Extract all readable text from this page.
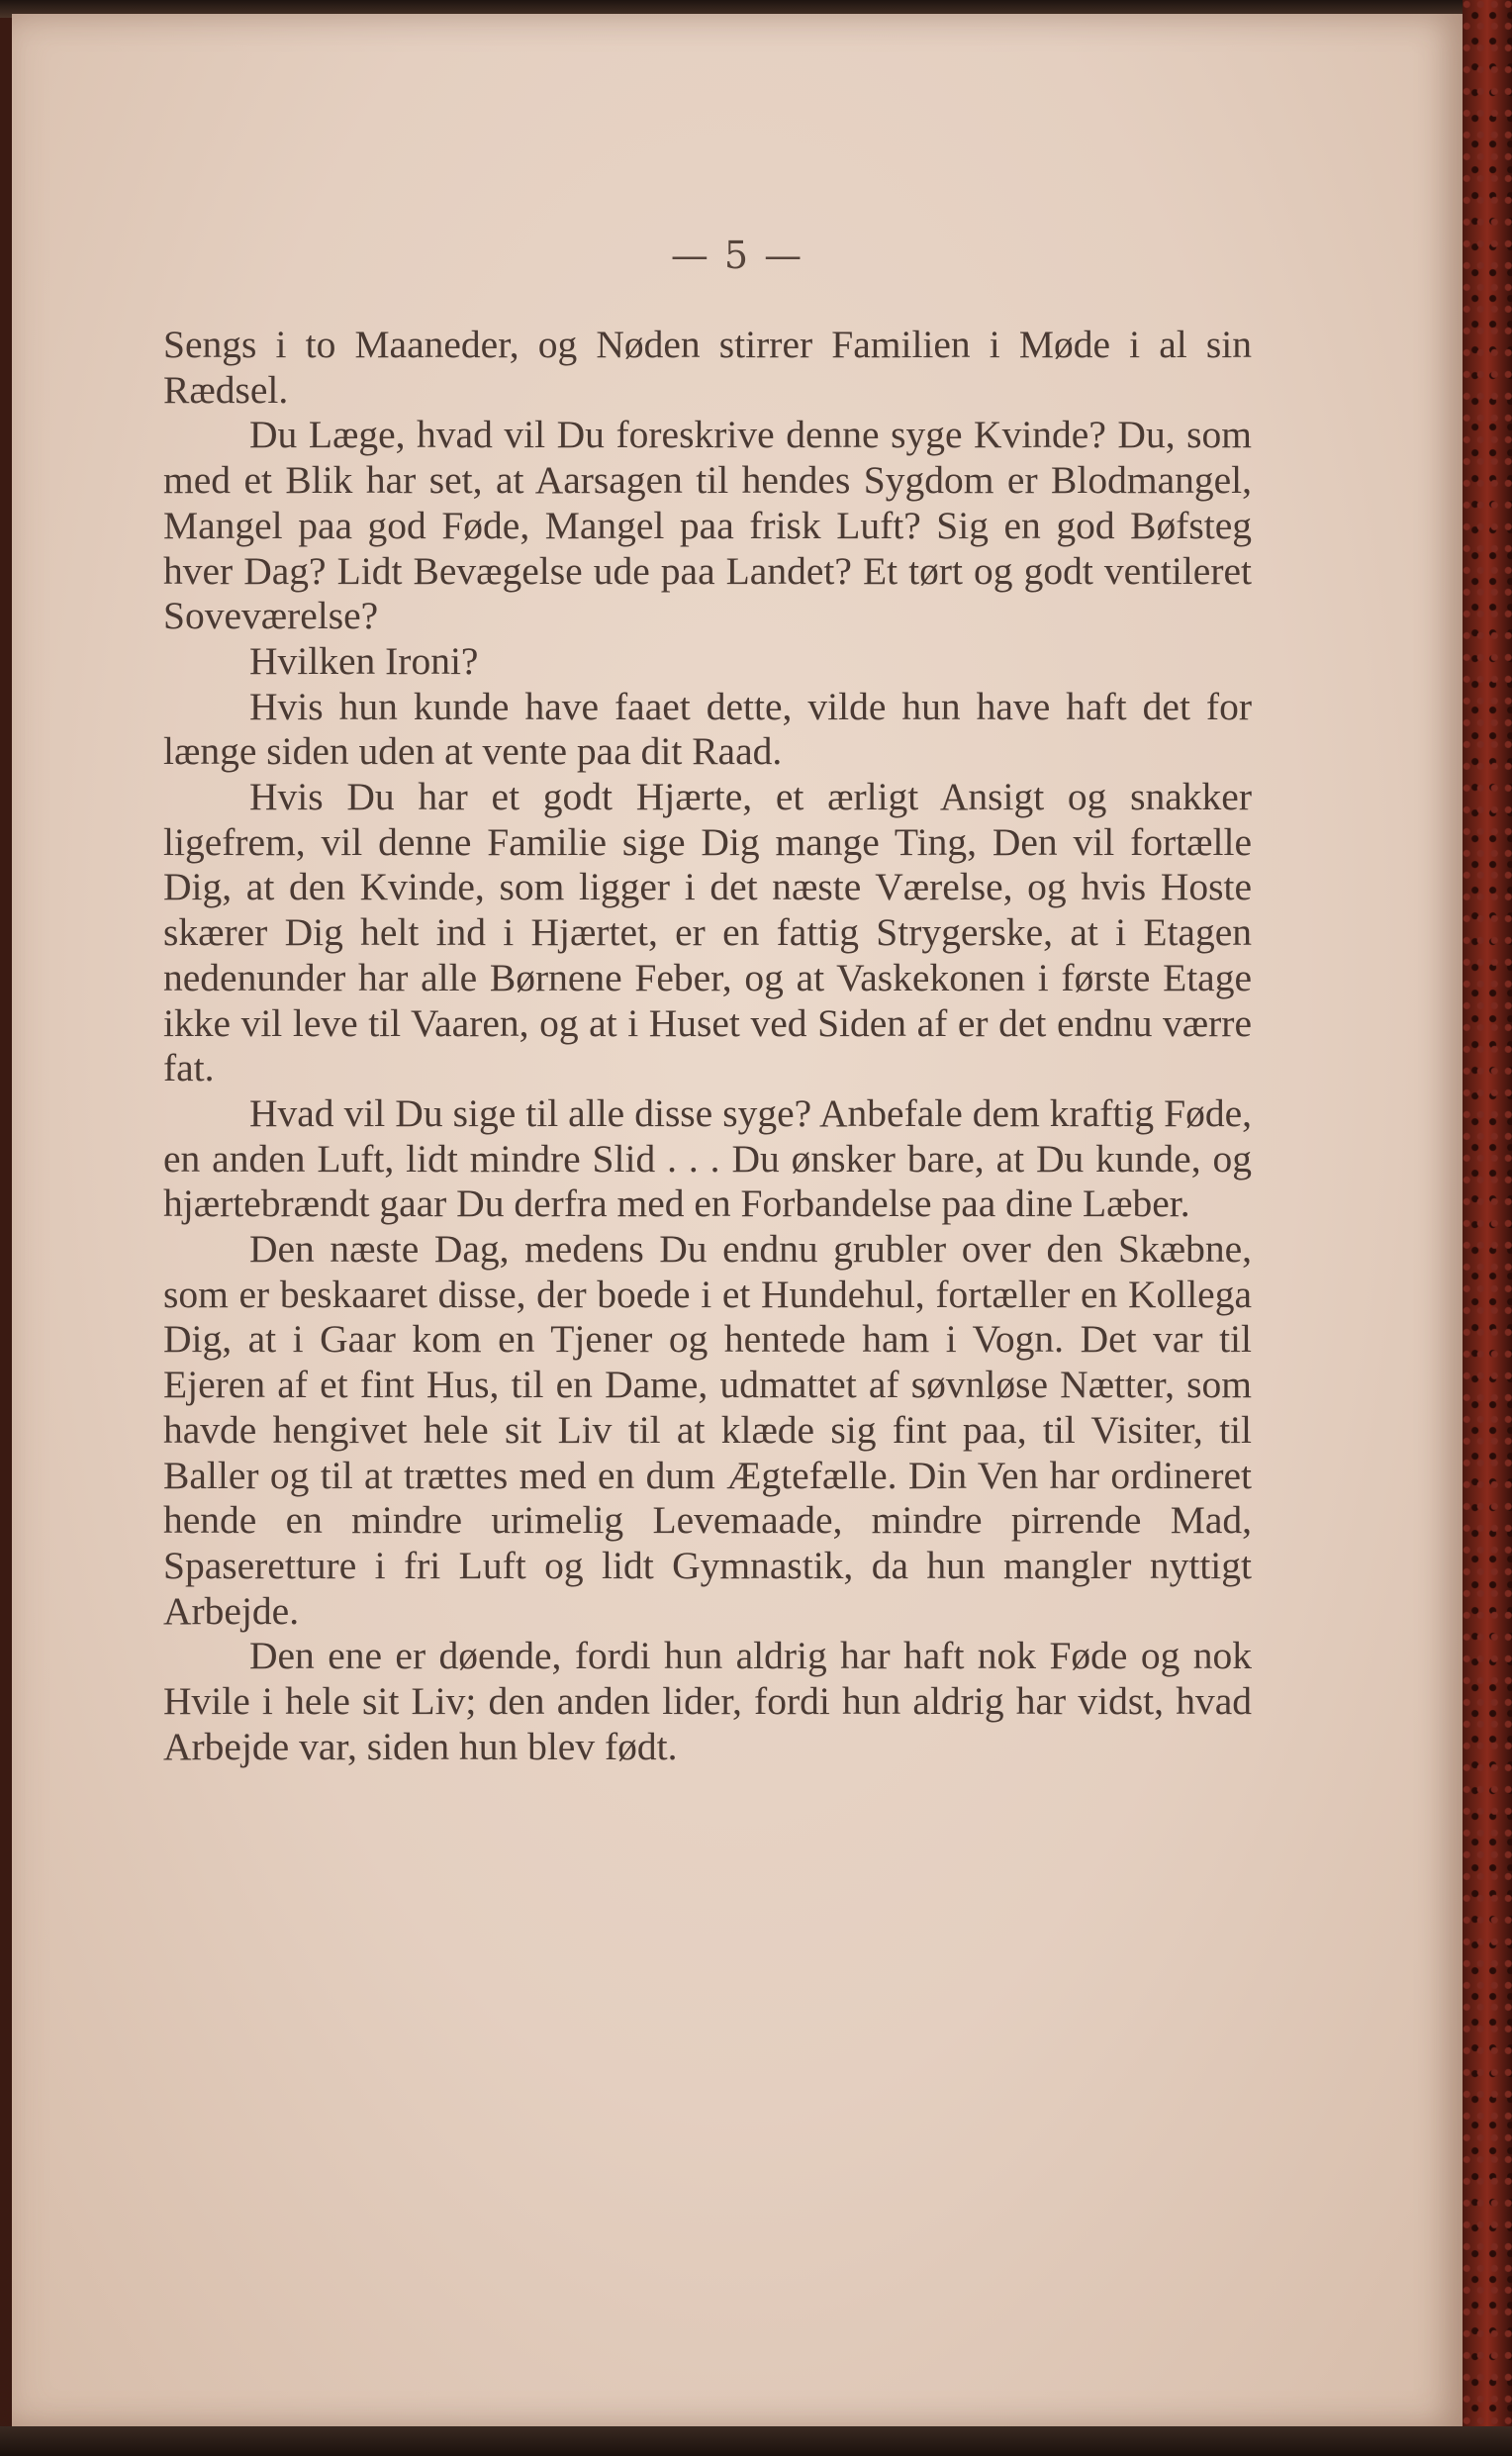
— 5 —

Sengs i to Maaneder, og Nøden stirrer Familien i Møde i al sin Rædsel.

Du Læge, hvad vil Du foreskrive denne syge Kvinde? Du, som med et Blik har set, at Aarsagen til hendes Sygdom er Blodmangel, Mangel paa god Føde, Mangel paa frisk Luft? Sig en god Bøfsteg hver Dag? Lidt Bevægelse ude paa Landet? Et tørt og godt ventileret Soveværelse?

Hvilken Ironi?

Hvis hun kunde have faaet dette, vilde hun have haft det for længe siden uden at vente paa dit Raad.

Hvis Du har et godt Hjærte, et ærligt Ansigt og snakker ligefrem, vil denne Familie sige Dig mange Ting, Den vil fortælle Dig, at den Kvinde, som ligger i det næste Værelse, og hvis Hoste skærer Dig helt ind i Hjærtet, er en fattig Strygerske, at i Etagen nedenunder har alle Børnene Feber, og at Vaskekonen i første Etage ikke vil leve til Vaaren, og at i Huset ved Siden af er det endnu værre fat.

Hvad vil Du sige til alle disse syge? Anbefale dem kraftig Føde, en anden Luft, lidt mindre Slid . . . Du ønsker bare, at Du kunde, og hjærtebrændt gaar Du derfra med en Forbandelse paa dine Læber.

Den næste Dag, medens Du endnu grubler over den Skæbne, som er beskaaret disse, der boede i et Hundehul, fortæller en Kollega Dig, at i Gaar kom en Tjener og hentede ham i Vogn. Det var til Ejeren af et fint Hus, til en Dame, udmattet af søvnløse Nætter, som havde hengivet hele sit Liv til at klæde sig fint paa, til Visiter, til Baller og til at trættes med en dum Ægtefælle. Din Ven har ordineret hende en mindre urimelig Levemaade, mindre pirrende Mad, Spaseretture i fri Luft og lidt Gymnastik, da hun mangler nyttigt Arbejde.

Den ene er døende, fordi hun aldrig har haft nok Føde og nok Hvile i hele sit Liv; den anden lider, fordi hun aldrig har vidst, hvad Arbejde var, siden hun blev født.
